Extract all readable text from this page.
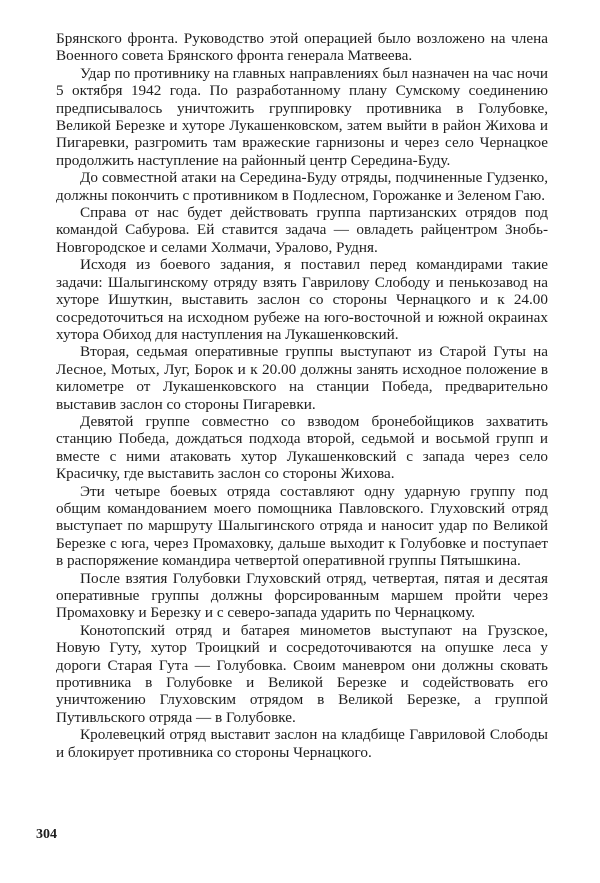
Брянского фронта. Руководство этой операцией было возложено на члена Военного совета Брянского фронта генерала Матвеева.

Удар по противнику на главных направлениях был назначен на час ночи 5 октября 1942 года. По разработанному плану Сумскому соединению предписывалось уничтожить группировку противника в Голубовке, Великой Березке и хуторе Лукашенковском, затем выйти в район Жихова и Пигаревки, разгромить там вражеские гарнизоны и через село Чернацкое продолжить наступление на районный центр Середина-Буду.

До совместной атаки на Середина-Буду отряды, подчиненные Гудзенко, должны покончить с противником в Подлесном, Горожанке и Зеленом Гаю.

Справа от нас будет действовать группа партизанских отрядов под командой Сабурова. Ей ставится задача — овладеть райцентром Знобь-Новгородское и селами Холмачи, Уралово, Рудня.

Исходя из боевого задания, я поставил перед командирами такие задачи: Шалыгинскому отряду взять Гаврилову Слободу и пенькозавод на хуторе Ишуткин, выставить заслон со стороны Чернацкого и к 24.00 сосредоточиться на исходном рубеже на юго-восточной и южной окраинах хутора Обиход для наступления на Лукашенковский.

Вторая, седьмая оперативные группы выступают из Старой Гуты на Лесное, Мотых, Луг, Борок и к 20.00 должны занять исходное положение в километре от Лукашенковского на станции Победа, предварительно выставив заслон со стороны Пигаревки.

Девятой группе совместно со взводом бронебойщиков захватить станцию Победа, дождаться подхода второй, седьмой и восьмой групп и вместе с ними атаковать хутор Лукашенковский с запада через село Красичку, где выставить заслон со стороны Жихова.

Эти четыре боевых отряда составляют одну ударную группу под общим командованием моего помощника Павловского. Глуховский отряд выступает по маршруту Шалыгинского отряда и наносит удар по Великой Березке с юга, через Промаховку, дальше выходит к Голубовке и поступает в распоряжение командира четвертой оперативной группы Пятышкина.

После взятия Голубовки Глуховский отряд, четвертая, пятая и десятая оперативные группы должны форсированным маршем пройти через Промаховку и Березку и с северо-запада ударить по Чернацкому.

Конотопский отряд и батарея минометов выступают на Грузское, Новую Гуту, хутор Троицкий и сосредоточиваются на опушке леса у дороги Старая Гута — Голубовка. Своим маневром они должны сковать противника в Голубовке и Великой Березке и содействовать его уничтожению Глуховским отрядом в Великой Березке, а группой Путивльского отряда — в Голубовке.

Кролевецкий отряд выставит заслон на кладбище Гавриловой Слободы и блокирует противника со стороны Чернацкого.

304
